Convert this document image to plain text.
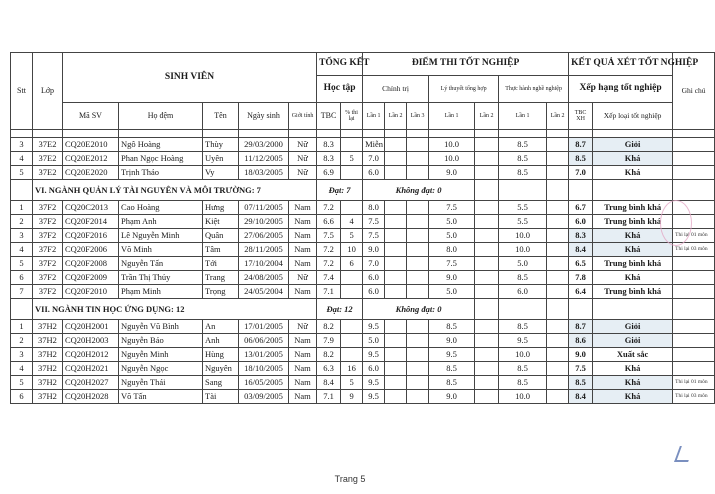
Stt	Lớp	SINH VIÊN					TỔNG KẾT		ĐIỂM THI TỐT NGHIỆP							KẾT QUẢ XÉT TỐT NGHIỆP		Ghi chú
							Học tập		Chính trị			Lý thuyết tổng hợp		Thực hành nghề nghiệp		Xếp hạng tốt nghiệp		
		Mã SV	Họ đệm	Tên	Ngày sinh	Giới tính	TBC	% thi lại	Lần 1	Lần 2	Lần 3	Lần 1	Lần 2	Lần 1	Lần 2	TBC XH	Xếp loại tốt nghiệp	

3	37E2	CQ20E2010	Ngô Hoàng	Thùy	29/03/2000	Nữ	8.3		Miễn			10.0		8.5		8.7	Giỏi	
4	37E2	CQ20E2012	Phan Ngọc Hoàng	Uyên	11/12/2005	Nữ	8.3	5	7.0			10.0		8.5		8.5	Khá	
5	37E2	CQ20E2020	Trịnh Thảo	Vy	18/03/2005	Nữ	6.9		6.0			9.0		8.5		7.0	Khá	
	VI. NGÀNH QUẢN LÝ TÀI NGUYÊN VÀ MÔI TRƯỜNG: 7						Đạt: 7		Không đạt: 0									
1	37F2	CQ20C2013	Cao Hoàng	Hưng	07/11/2005	Nam	7.2		8.0			7.5		5.5		6.7	Trung bình khá	
2	37F2	CQ20F2014	Phạm Anh	Kiệt	29/10/2005	Nam	6.6	4	7.5			5.0		5.5		6.0	Trung bình khá	
3	37F2	CQ20F2016	Lê Nguyễn Minh	Quân	27/06/2005	Nam	7.5	5	7.5			5.0		10.0		8.3	Khá	Thi lại 01 môn
4	37F2	CQ20F2006	Võ Minh	Tâm	28/11/2005	Nam	7.2	10	9.0			8.0		10.0		8.4	Khá	Thi lại 03 môn
5	37F2	CQ20F2008	Nguyễn Tấn	Tới	17/10/2004	Nam	7.2	6	7.0			7.5		5.0		6.5	Trung bình khá	
6	37F2	CQ20F2009	Trần Thị Thủy	Trang	24/08/2005	Nữ	7.4		6.0			9.0		8.5		7.8	Khá	
7	37F2	CQ20F2010	Phạm Minh	Trọng	24/05/2004	Nam	7.1		6.0			5.0		6.0		6.4	Trung bình khá	
	VII. NGÀNH TIN HỌC ỨNG DỤNG: 12						Đạt: 12		Không đạt: 0									
1	37H2	CQ20H2001	Nguyễn Vũ Bình	An	17/01/2005	Nữ	8.2		9.5			8.5		8.5		8.7	Giỏi	
2	37H2	CQ20H2003	Nguyễn Bảo	Anh	06/06/2005	Nam	7.9		5.0			9.0		9.5		8.6	Giỏi	
3	37H2	CQ20H2012	Nguyễn Minh	Hùng	13/01/2005	Nam	8.2		9.5			9.5		10.0		9.0	Xuất sắc	
4	37H2	CQ20H2021	Nguyễn Ngọc	Nguyên	18/10/2005	Nam	6.3	16	6.0			8.5		8.5		7.5	Khá	
5	37H2	CQ20H2027	Nguyễn Thái	Sang	16/05/2005	Nam	8.4	5	9.5			8.5		8.5		8.5	Khá	Thi lại 01 môn
6	37H2	CQ20H2028	Võ Tấn	Tài	03/09/2005	Nam	7.1	9	9.5			9.0		10.0		8.4	Khá	Thi lại 03 môn
Trang 5
